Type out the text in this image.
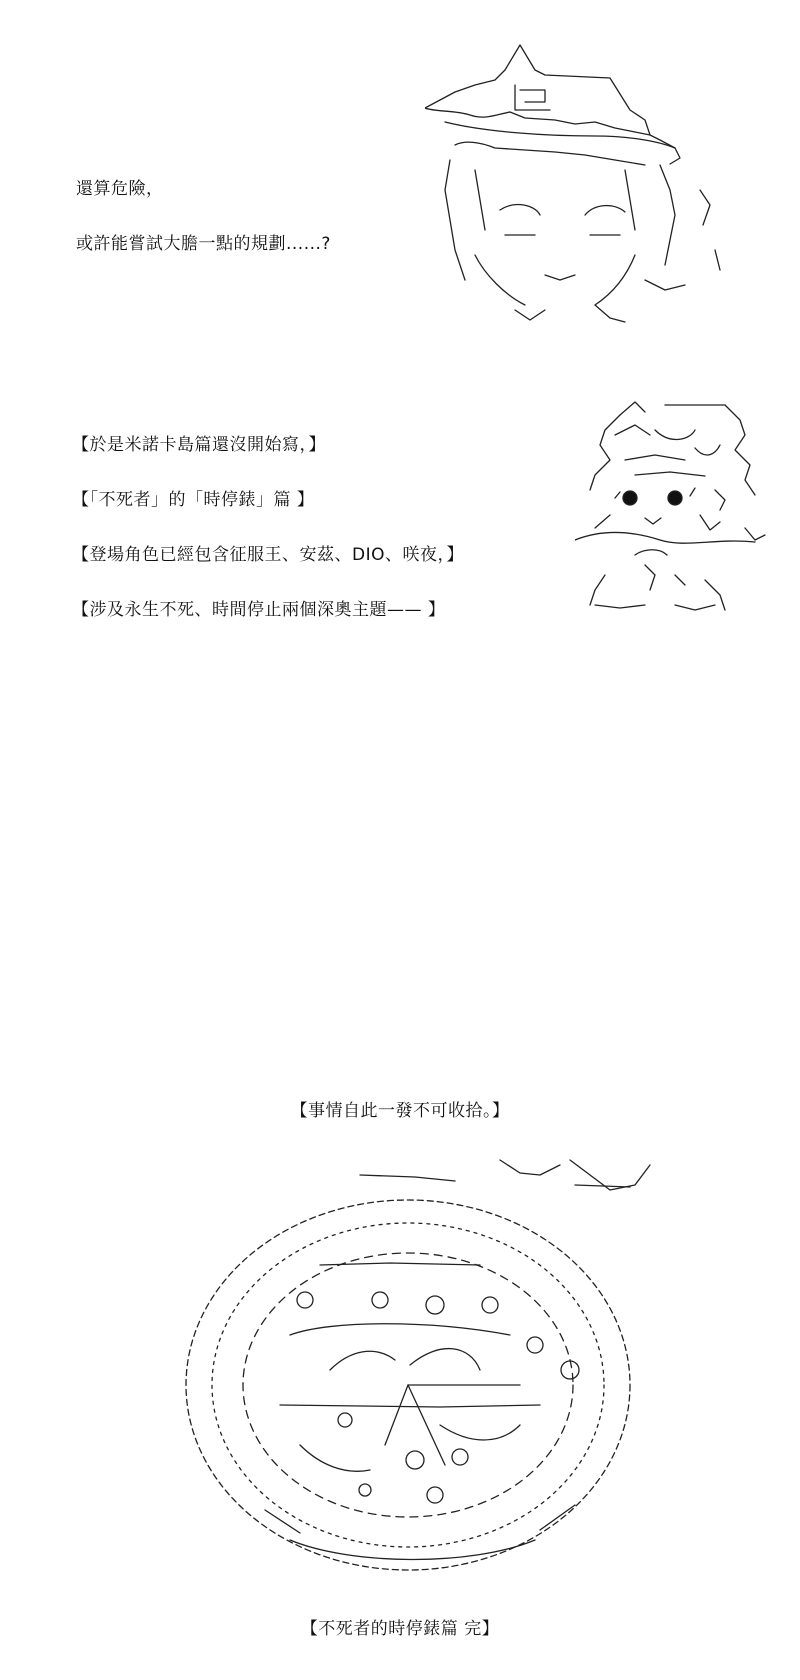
還算危險，
或許能嘗試大膽一點的規劃......?
【於是米諾卡島篇還沒開始寫，】
【「不死者」的「時停錶」篇 】
【登場角色已經包含征服王、安茲、DIO、咲夜，】
【涉及永生不死、時間停止兩個深奧主題—— 】
【事情自此一發不可收拾。】
【不死者的時停錶篇 完】
